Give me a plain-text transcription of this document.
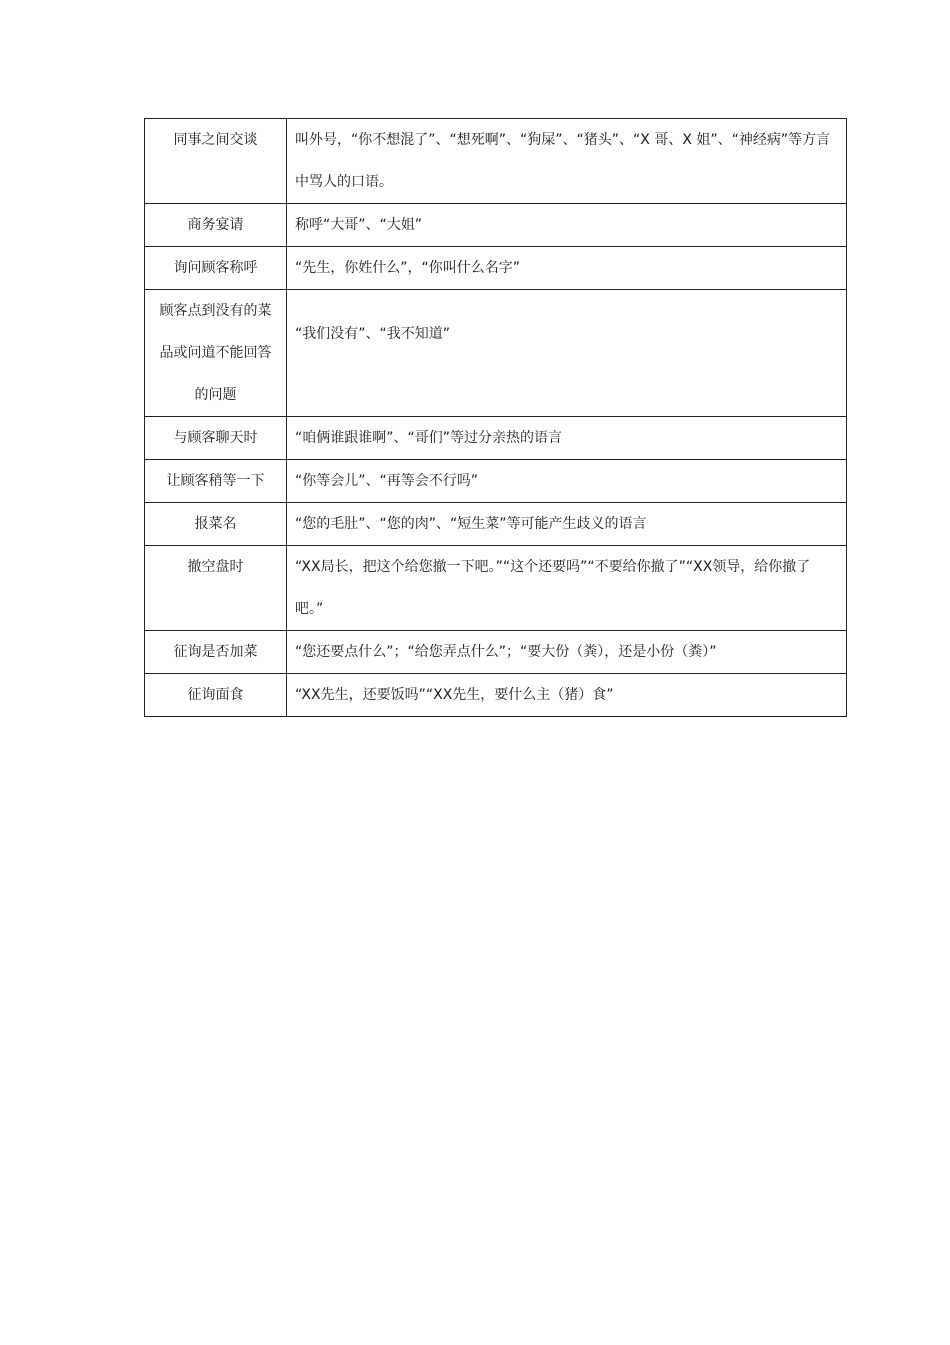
同事之间交谈	叫外号，“你不想混了”、“想死啊”、“狗屎”、“猪头”、“X 哥、X 姐”、“神经病”等方言中骂人的口语。

商务宴请	称呼“大哥”、“大姐”

询问顾客称呼	“先生，你姓什么”，“你叫什么名字”

顾客点到没有的菜品或问道不能回答的问题	“我们没有”、“我不知道”

与顾客聊天时	“咱俩谁跟谁啊”、“哥们”等过分亲热的语言

让顾客稍等一下	“你等会儿”、“再等会不行吗”

报菜名	“您的毛肚”、“您的肉”、“短生菜”等可能产生歧义的语言

撤空盘时	“XX局长，把这个给您撤一下吧。”“这个还要吗”“不要给你撤了”“XX领导，给你撤了吧。”

征询是否加菜	“您还要点什么”；“给您弄点什么”；“要大份（粪），还是小份（粪）”

征询面食	“XX先生，还要饭吗”“XX先生，要什么主（猪）食”
